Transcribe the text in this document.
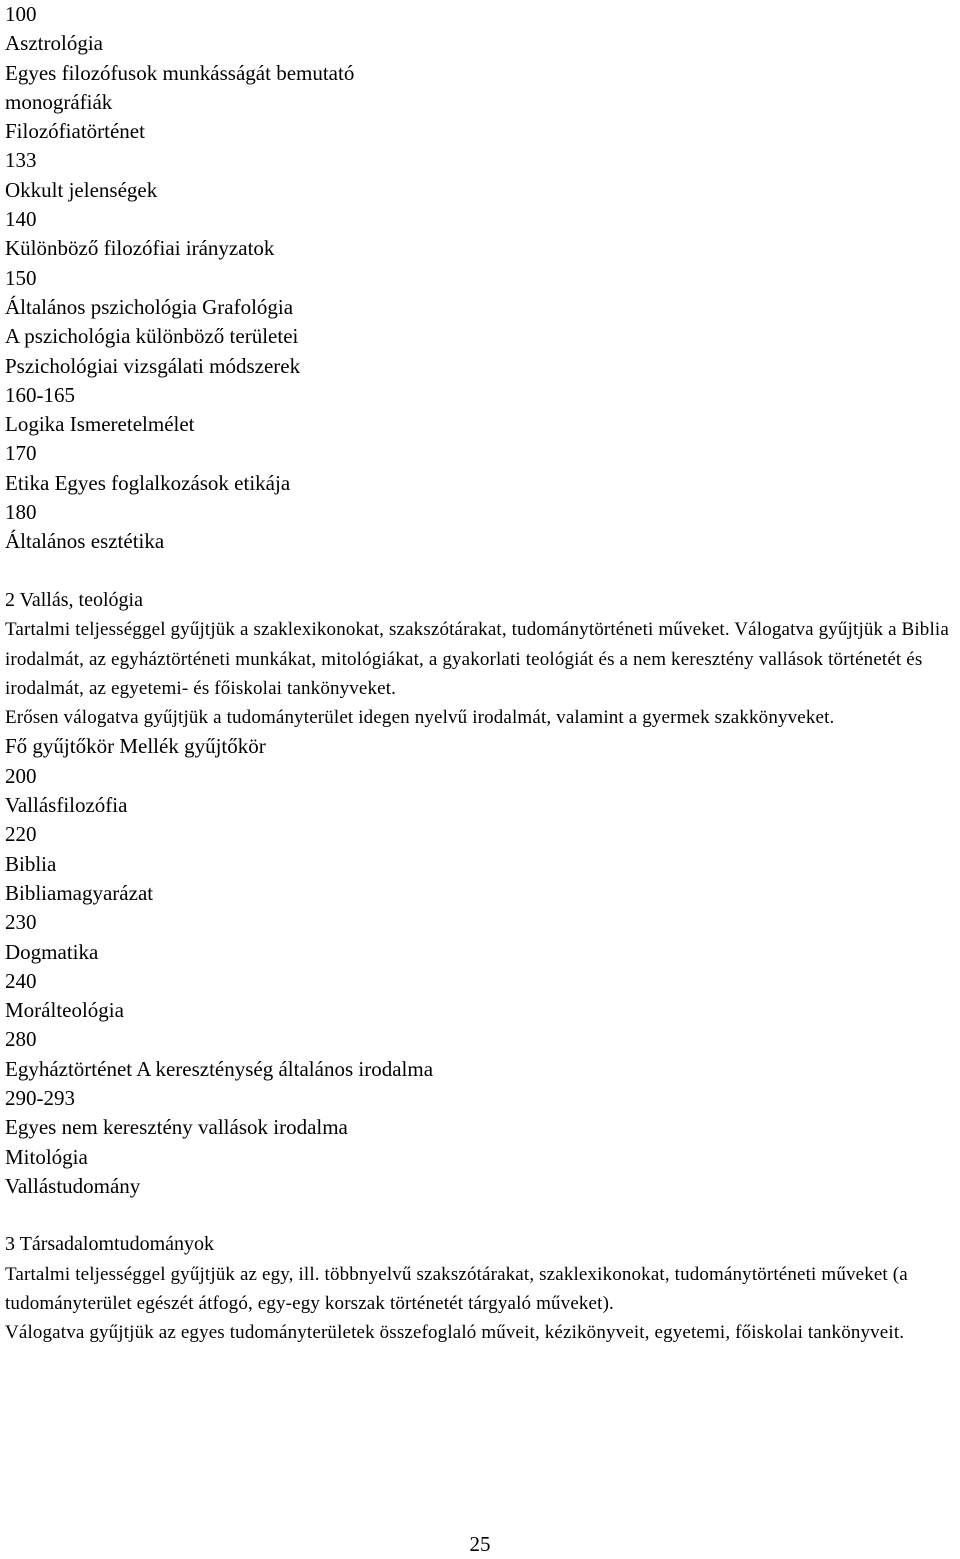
100
Asztrológia
Egyes filozófusok munkásságát bemutató
monográfiák
Filozófiatörténet
133
Okkult jelenségek
140
Különböző filozófiai irányzatok
150
Általános pszichológia Grafológia
A pszichológia különböző területei
Pszichológiai vizsgálati módszerek
160-165
Logika Ismeretelmélet
170
Etika Egyes foglalkozások etikája
180
Általános esztétika
2 Vallás, teológia
Tartalmi teljességgel gyűjtjük a szaklexikonokat, szakszótárakat, tudománytörténeti műveket. Válogatva gyűjtjük a Biblia irodalmát, az egyháztörténeti munkákat, mitológiákat, a gyakorlati teológiát és a nem keresztény vallások történetét és irodalmát, az egyetemi- és főiskolai tankönyveket.
Erősen válogatva gyűjtjük a tudományterület idegen nyelvű irodalmát, valamint a gyermek szakkönyveket.
Fő gyűjtőkör Mellék gyűjtőkör
200
Vallásfilozófia
220
Biblia
Bibliamagyarázat
230
Dogmatika
240
Morálteológia
280
Egyháztörténet A kereszténység általános irodalma
290-293
Egyes nem keresztény vallások irodalma
Mitológia
Vallástudomány
3 Társadalomtudományok
Tartalmi teljességgel gyűjtjük az egy, ill. többnyelvű szakszótárakat, szaklexikonokat, tudománytörténeti műveket (a tudományterület egészét átfogó, egy-egy korszak történetét tárgyaló műveket).
Válogatva gyűjtjük az egyes tudományterületek összefoglaló műveit, kézikönyveit, egyetemi, főiskolai tankönyveit.
25
